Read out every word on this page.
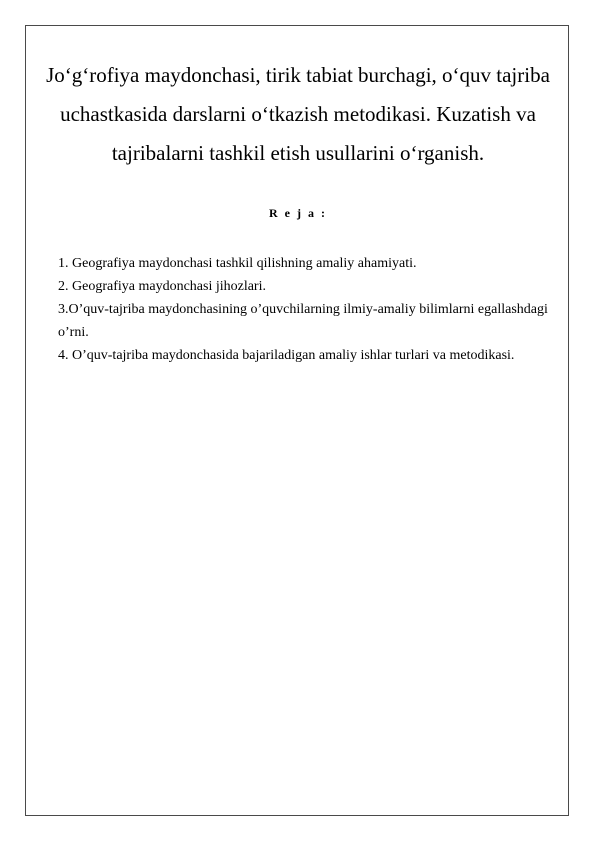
Jo‘g‘rofiya maydonchasi, tirik tabiat burchagi, o‘quv tajriba uchastkasida darslarni o‘tkazish metodikasi. Kuzatish va tajribalarni tashkil etish usullarini o‘rganish.
R e j a :
1. Geografiya maydonchasi tashkil qilishning amaliy ahamiyati.
2. Geografiya maydonchasi jihozlari.
3.O’quv-tajriba maydonchasining o’quvchilarning ilmiy-amaliy bilimlarni egallashdagi o’rni.
4. O’quv-tajriba maydonchasida bajariladigan amaliy ishlar turlari va metodikasi.
